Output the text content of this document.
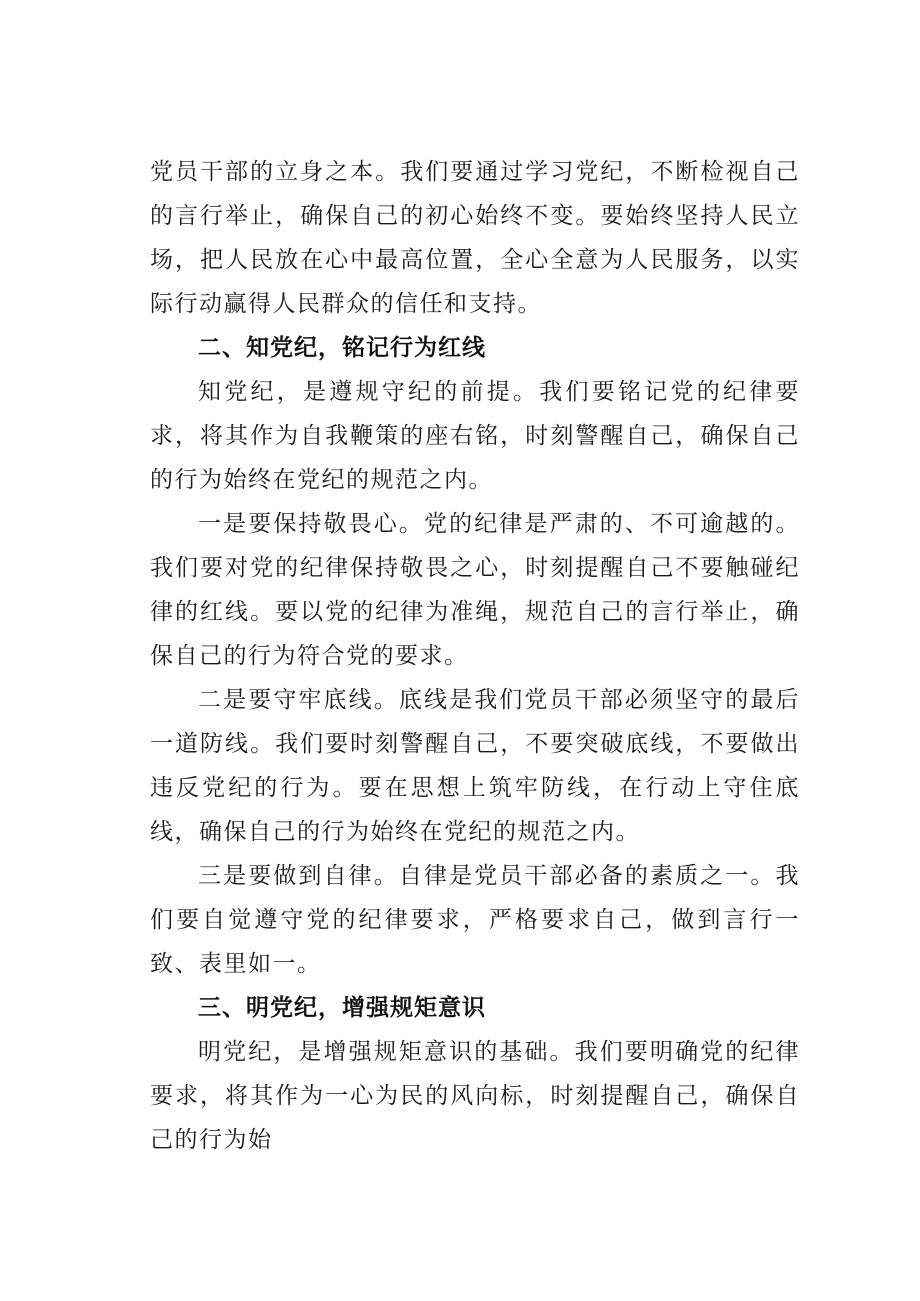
党员干部的立身之本。我们要通过学习党纪，不断检视自己的言行举止，确保自己的初心始终不变。要始终坚持人民立场，把人民放在心中最高位置，全心全意为人民服务，以实际行动赢得人民群众的信任和支持。

二、知党纪，铭记行为红线

知党纪，是遵规守纪的前提。我们要铭记党的纪律要求，将其作为自我鞭策的座右铭，时刻警醒自己，确保自己的行为始终在党纪的规范之内。

一是要保持敬畏心。党的纪律是严肃的、不可逾越的。我们要对党的纪律保持敬畏之心，时刻提醒自己不要触碰纪律的红线。要以党的纪律为准绳，规范自己的言行举止，确保自己的行为符合党的要求。

二是要守牢底线。底线是我们党员干部必须坚守的最后一道防线。我们要时刻警醒自己，不要突破底线，不要做出违反党纪的行为。要在思想上筑牢防线，在行动上守住底线，确保自己的行为始终在党纪的规范之内。

三是要做到自律。自律是党员干部必备的素质之一。我们要自觉遵守党的纪律要求，严格要求自己，做到言行一致、表里如一。

三、明党纪，增强规矩意识

明党纪，是增强规矩意识的基础。我们要明确党的纪律要求，将其作为一心为民的风向标，时刻提醒自己，确保自己的行为始
